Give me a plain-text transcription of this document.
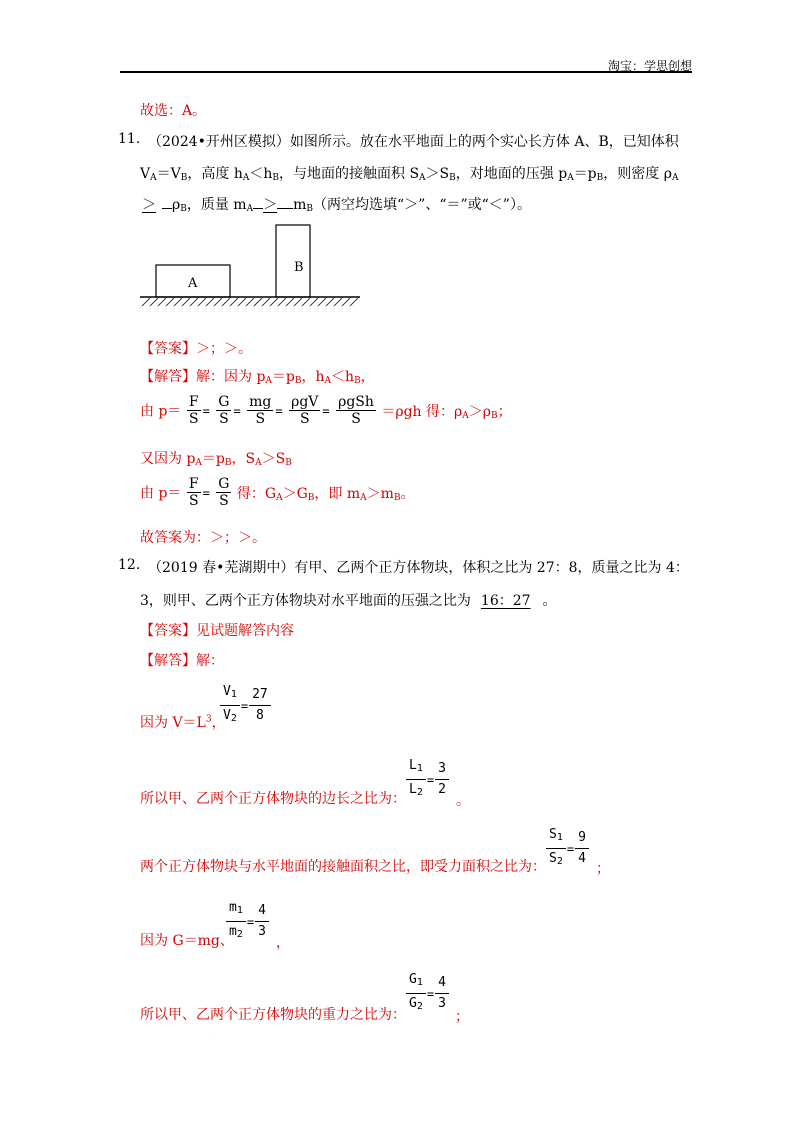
淘宝：学思创想
故选：A。
11. （2024•开州区模拟）如图所示。放在水平地面上的两个实心长方体 A、B，已知体积
$V_A=V_B$，高度 $h_A<h_B$，与地面的接触面积 $S_A>S_B$，对地面的压强 $p_A=p_B$，则密度 $\rho_A$
＞ $\rho_B$，质量 $m_A > m_B$（两空均选填“＞”、“＝”或“＜”）。
A
B
【答案】＞；＞。
【解答】解：因为 $p_A=p_B$，$h_A<h_B$，
由 $p= \frac{F}{S} = \frac{G}{S} = \frac{mg}{S} = \frac{\text{ρgV}}{S} = \frac{\text{ρgSh}}{S} =\rho gh$ 得：$\rho_A>\rho_B$；
又因为 $p_A=p_B$，$S_A>S_B$
由 $p= \frac{F}{S} = \frac{G}{S}$ 得：$G_A>G_B$，即 $m_A>m_B$。
故答案为：＞；＞。
12. （2019 春•芜湖期中）有甲、乙两个正方体物块，体积之比为 27：8，质量之比为 4：
3，则甲、乙两个正方体物块对水平地面的压强之比为 16：27 。
【答案】见试题解答内容
【解答】解：
因为 $V=L^3$，
$\frac{V_1}{V_2} = \frac{27}{8}$
所以甲、乙两个正方体物块的边长之比为： $\frac{L_1}{L_2} = \frac{3}{2}$
。
两个正方体物块与水平地面的接触面积之比，即受力面积之比为： $\frac{S_1}{S_2} = \frac{9}{4}$ ；
因为 G＝mg、
$\frac{m_1}{m_2} = \frac{4}{3}$
，
所以甲、乙两个正方体物块的重力之比为： $\frac{G_1}{G_2} = \frac{4}{3}$
；
